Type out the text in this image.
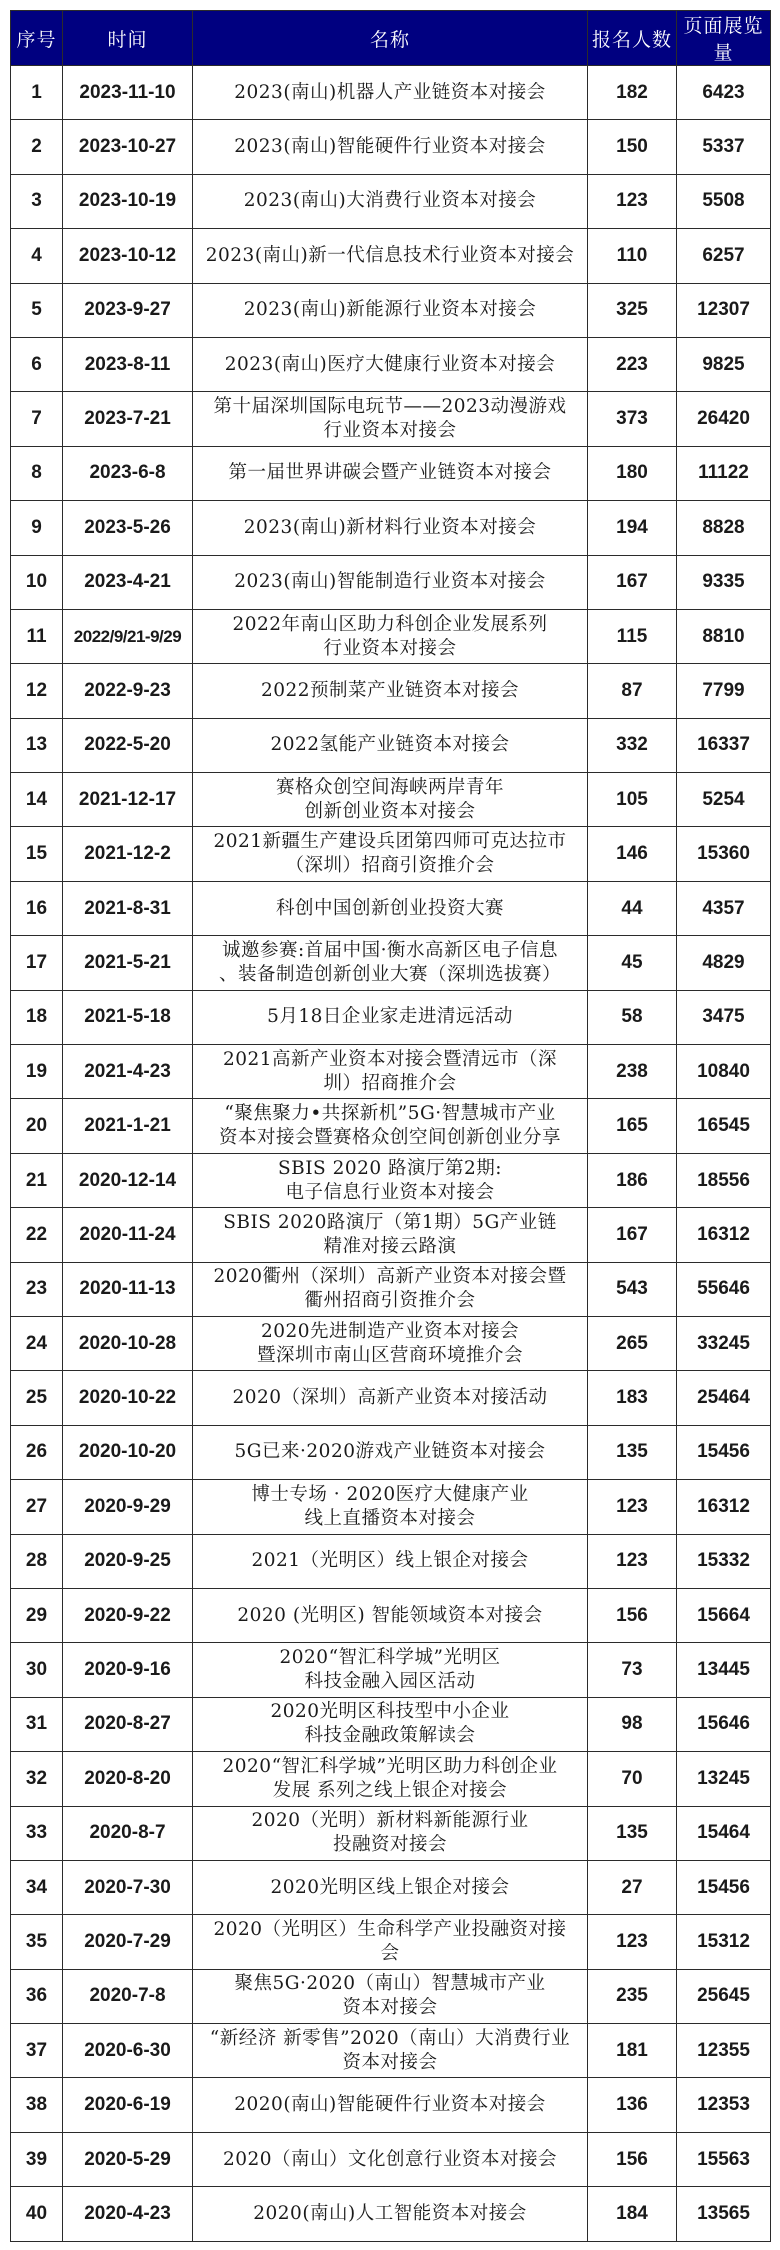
序号	时间	名称	报名人数	页面展览量
1	2023-11-10	2023(南山)机器人产业链资本对接会	182	6423
2	2023-10-27	2023(南山)智能硬件行业资本对接会	150	5337
3	2023-10-19	2023(南山)大消费行业资本对接会	123	5508
4	2023-10-12	2023(南山)新一代信息技术行业资本对接会	110	6257
5	2023-9-27	2023(南山)新能源行业资本对接会	325	12307
6	2023-8-11	2023(南山)医疗大健康行业资本对接会	223	9825
7	2023-7-21	第十届深圳国际电玩节——2023动漫游戏
行业资本对接会	373	26420
8	2023-6-8	第一届世界讲碳会暨产业链资本对接会	180	11122
9	2023-5-26	2023(南山)新材料行业资本对接会	194	8828
10	2023-4-21	2023(南山)智能制造行业资本对接会	167	9335
11	2022/9/21-9/29	2022年南山区助力科创企业发展系列
行业资本对接会	115	8810
12	2022-9-23	2022预制菜产业链资本对接会	87	7799
13	2022-5-20	2022氢能产业链资本对接会	332	16337
14	2021-12-17	赛格众创空间海峡两岸青年
创新创业资本对接会	105	5254
15	2021-12-2	2021新疆生产建设兵团第四师可克达拉市
（深圳）招商引资推介会	146	15360
16	2021-8-31	科创中国创新创业投资大赛	44	4357
17	2021-5-21	诚邀参赛:首届中国·衡水高新区电子信息
、装备制造创新创业大赛（深圳选拔赛）	45	4829
18	2021-5-18	5月18日企业家走进清远活动	58	3475
19	2021-4-23	2021高新产业资本对接会暨清远市（深
圳）招商推介会	238	10840
20	2021-1-21	“聚焦聚力•共探新机”5G·智慧城市产业
资本对接会暨赛格众创空间创新创业分享	165	16545
21	2020-12-14	SBIS 2020 路演厅第2期:
电子信息行业资本对接会	186	18556
22	2020-11-24	SBIS 2020路演厅（第1期）5G产业链
精准对接云路演	167	16312
23	2020-11-13	2020衢州（深圳）高新产业资本对接会暨
衢州招商引资推介会	543	55646
24	2020-10-28	2020先进制造产业资本对接会
暨深圳市南山区营商环境推介会	265	33245
25	2020-10-22	2020（深圳）高新产业资本对接活动	183	25464
26	2020-10-20	5G已来·2020游戏产业链资本对接会	135	15456
27	2020-9-29	博士专场 · 2020医疗大健康产业
线上直播资本对接会	123	16312
28	2020-9-25	2021（光明区）线上银企对接会	123	15332
29	2020-9-22	2020 (光明区) 智能领域资本对接会	156	15664
30	2020-9-16	2020“智汇科学城”光明区
科技金融入园区活动	73	13445
31	2020-8-27	2020光明区科技型中小企业
科技金融政策解读会	98	15646
32	2020-8-20	2020“智汇科学城”光明区助力科创企业
发展 系列之线上银企对接会	70	13245
33	2020-8-7	2020（光明）新材料新能源行业
投融资对接会	135	15464
34	2020-7-30	2020光明区线上银企对接会	27	15456
35	2020-7-29	2020（光明区）生命科学产业投融资对接
会	123	15312
36	2020-7-8	聚焦5G·2020（南山）智慧城市产业
资本对接会	235	25645
37	2020-6-30	“新经济 新零售”2020（南山）大消费行业
资本对接会	181	12355
38	2020-6-19	2020(南山)智能硬件行业资本对接会	136	12353
39	2020-5-29	2020（南山）文化创意行业资本对接会	156	15563
40	2020-4-23	2020(南山)人工智能资本对接会	184	13565
